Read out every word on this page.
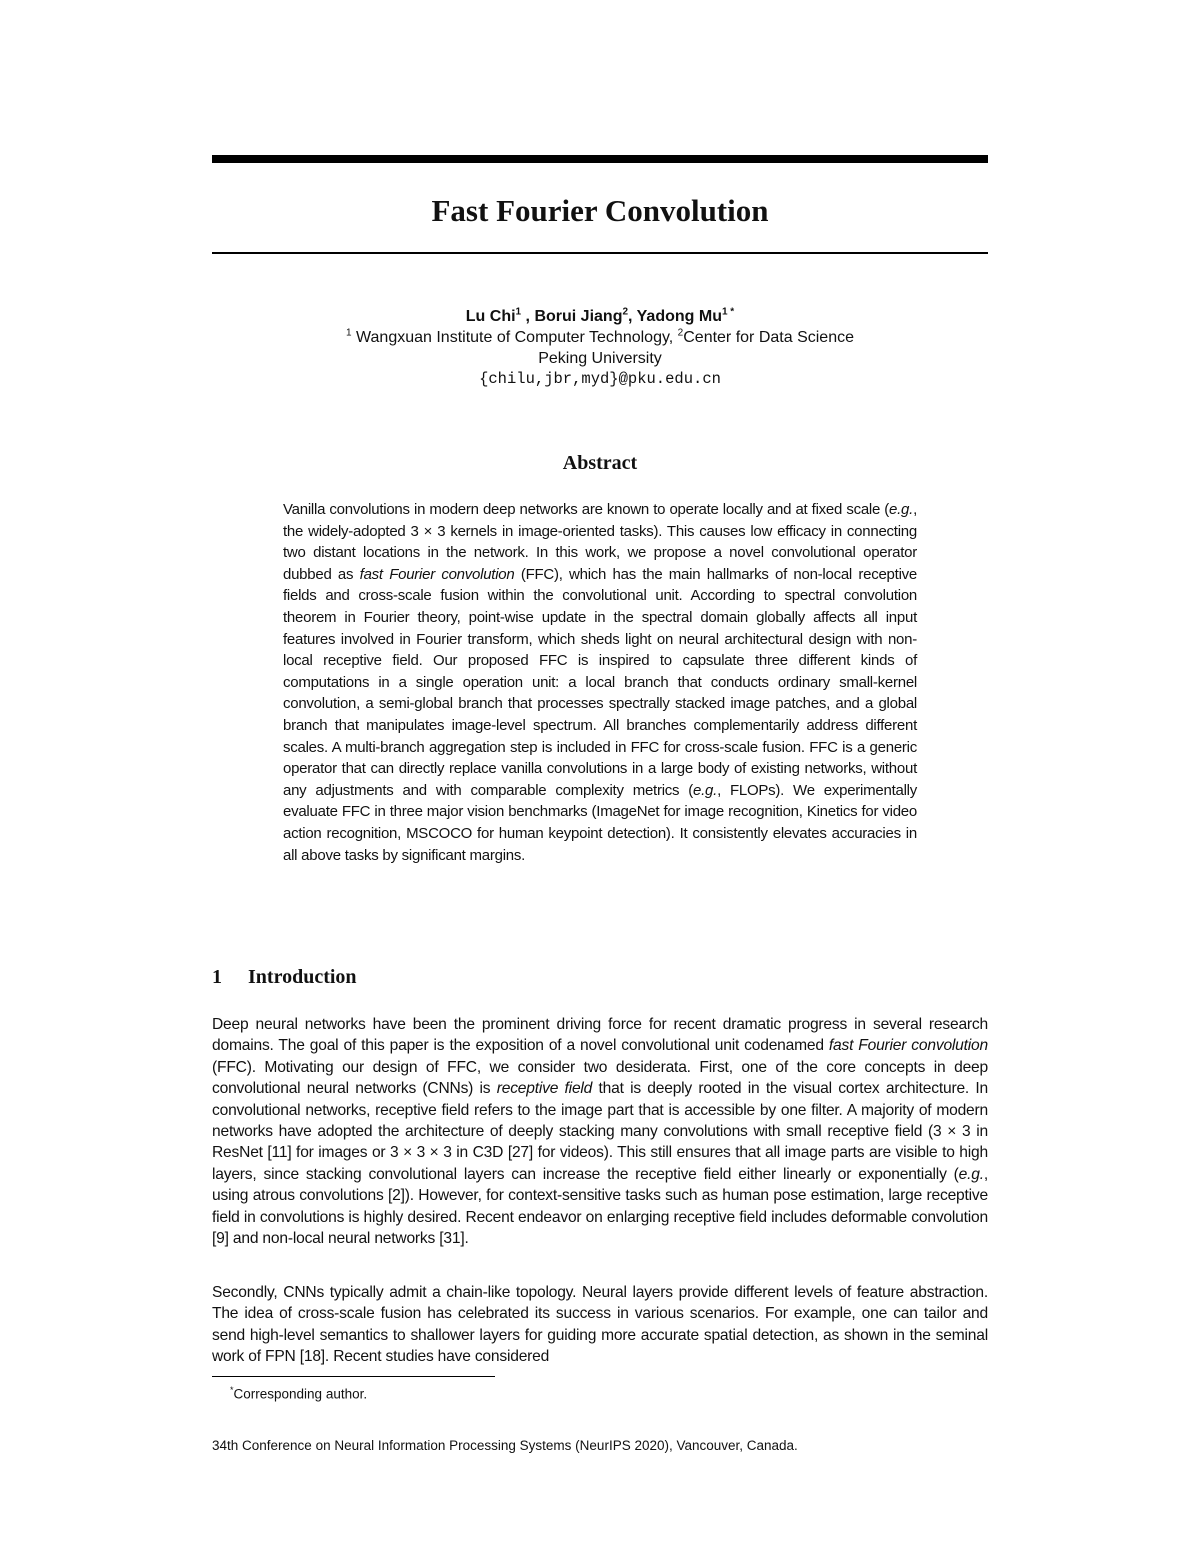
Fast Fourier Convolution
Lu Chi$^1$ , Borui Jiang$^2$, Yadong $Mu^{1 *}$
$^1$ Wangxuan Institute of Computer Technology, $^2$Center for Data Science
Peking University
{chilu,jbr,myd}@pku.edu.cn
Abstract

Vanilla convolutions in modern deep networks are known to operate locally and at fixed scale (e.g., the widely-adopted 3 × 3 kernels in image-oriented tasks). This causes low efficacy in connecting two distant locations in the network. In this work, we propose a novel convolutional operator dubbed as fast Fourier convolution (FFC), which has the main hallmarks of non-local receptive fields and cross-scale fusion within the convolutional unit. According to spectral convolution theorem in Fourier theory, point-wise update in the spectral domain globally affects all input features involved in Fourier transform, which sheds light on neural architectural design with non-local receptive field. Our proposed FFC is inspired to capsulate three different kinds of computations in a single operation unit: a local branch that conducts ordinary small-kernel convolution, a semi-global branch that processes spectrally stacked image patches, and a global branch that manipulates image-level spectrum. All branches complementarily address different scales. A multi-branch aggregation step is included in FFC for cross-scale fusion. FFC is a generic operator that can directly replace vanilla convolutions in a large body of existing networks, without any adjustments and with comparable complexity metrics (e.g., FLOPs). We experimentally evaluate FFC in three major vision benchmarks (ImageNet for image recognition, Kinetics for video action recognition, MSCOCO for human keypoint detection). It consistently elevates accuracies in all above tasks by significant margins.

1 Introduction

Deep neural networks have been the prominent driving force for recent dramatic progress in several research domains. The goal of this paper is the exposition of a novel convolutional unit codenamed fast Fourier convolution (FFC). Motivating our design of FFC, we consider two desiderata. First, one of the core concepts in deep convolutional neural networks (CNNs) is receptive field that is deeply rooted in the visual cortex architecture. In convolutional networks, receptive field refers to the image part that is accessible by one filter. A majority of modern networks have adopted the architecture of deeply stacking many convolutions with small receptive field (3 × 3 in ResNet [11] for images or 3 × 3 × 3 in C3D [27] for videos). This still ensures that all image parts are visible to high layers, since stacking convolutional layers can increase the receptive field either linearly or exponentially (e.g., using atrous convolutions [2]). However, for context-sensitive tasks such as human pose estimation, large receptive field in convolutions is highly desired. Recent endeavor on enlarging receptive field includes deformable convolution [9] and non-local neural networks [31].

Secondly, CNNs typically admit a chain-like topology. Neural layers provide different levels of feature abstraction. The idea of cross-scale fusion has celebrated its success in various scenarios. For example, one can tailor and send high-level semantics to shallower layers for guiding more accurate spatial detection, as shown in the seminal work of FPN [18]. Recent studies have considered

*Corresponding author.
34th Conference on Neural Information Processing Systems (NeurIPS 2020), Vancouver, Canada.
